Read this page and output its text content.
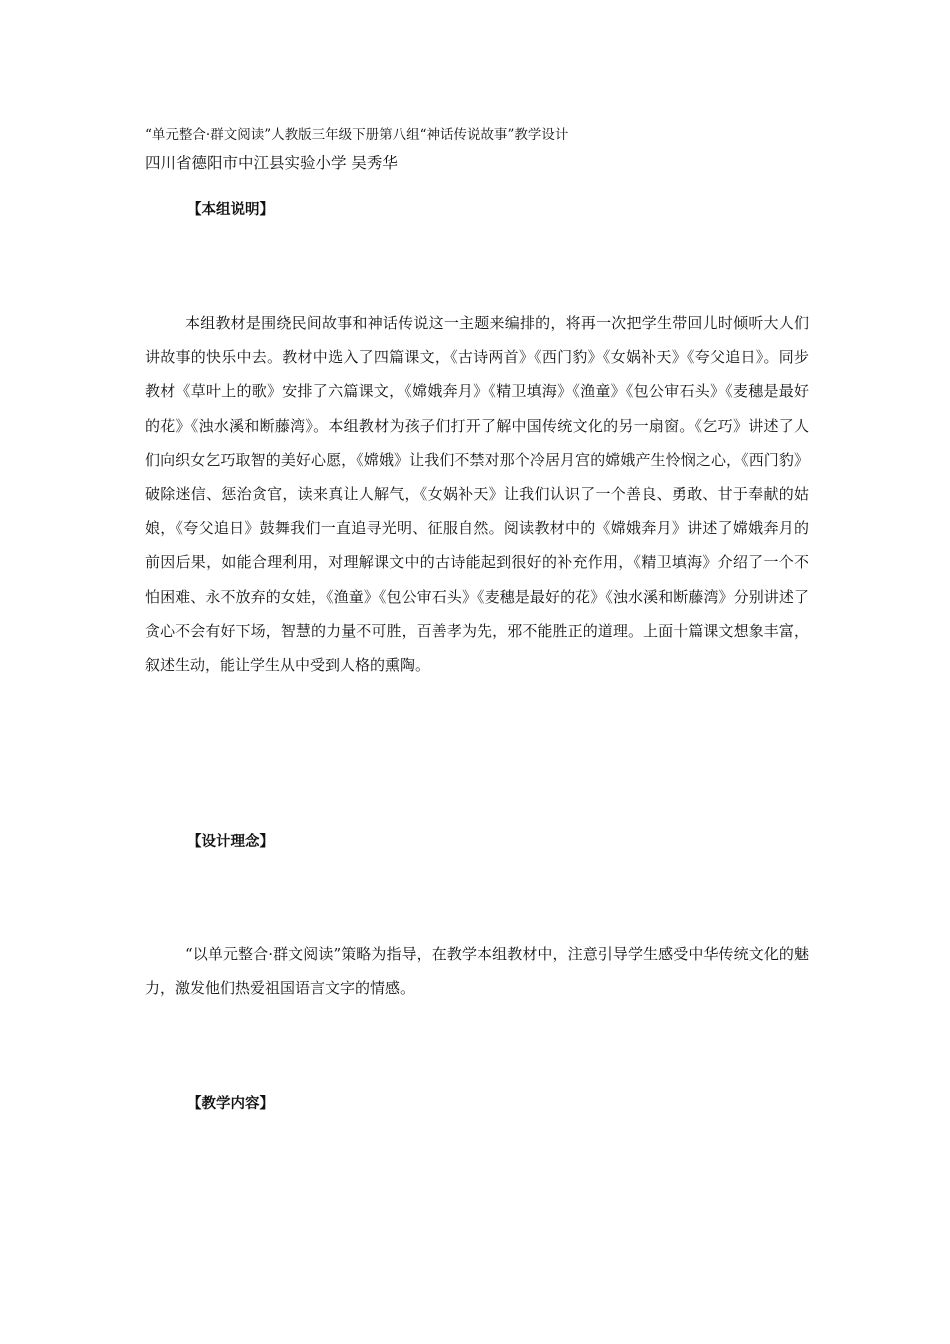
“单元整合·群文阅读”人教版三年级下册第八组“神话传说故事”教学设计
四川省德阳市中江县实验小学 吴秀华
【本组说明】

本组教材是围绕民间故事和神话传说这一主题来编排的，将再一次把学生带回儿时倾听大人们讲故事的快乐中去。教材中选入了四篇课文，《古诗两首》《西门豹》《女娲补天》《夸父追日》。同步教材《草叶上的歌》安排了六篇课文，《嫦娥奔月》《精卫填海》《渔童》《包公审石头》《麦穗是最好的花》《浊水溪和断藤湾》。本组教材为孩子们打开了解中国传统文化的另一扇窗。《乞巧》讲述了人们向织女乞巧取智的美好心愿，《嫦娥》让我们不禁对那个冷居月宫的嫦娥产生怜悯之心，《西门豹》破除迷信、惩治贪官，读来真让人解气，《女娲补天》让我们认识了一个善良、勇敢、甘于奉献的姑娘，《夸父追日》鼓舞我们一直追寻光明、征服自然。阅读教材中的《嫦娥奔月》讲述了嫦娥奔月的前因后果，如能合理利用，对理解课文中的古诗能起到很好的补充作用，《精卫填海》介绍了一个不怕困难、永不放弃的女娃，《渔童》《包公审石头》《麦穗是最好的花》《浊水溪和断藤湾》分别讲述了贪心不会有好下场，智慧的力量不可胜，百善孝为先，邪不能胜正的道理。上面十篇课文想象丰富，叙述生动，能让学生从中受到人格的熏陶。

【设计理念】

“以单元整合·群文阅读”策略为指导，在教学本组教材中，注意引导学生感受中华传统文化的魅力，激发他们热爱祖国语言文字的情感。

【教学内容】
